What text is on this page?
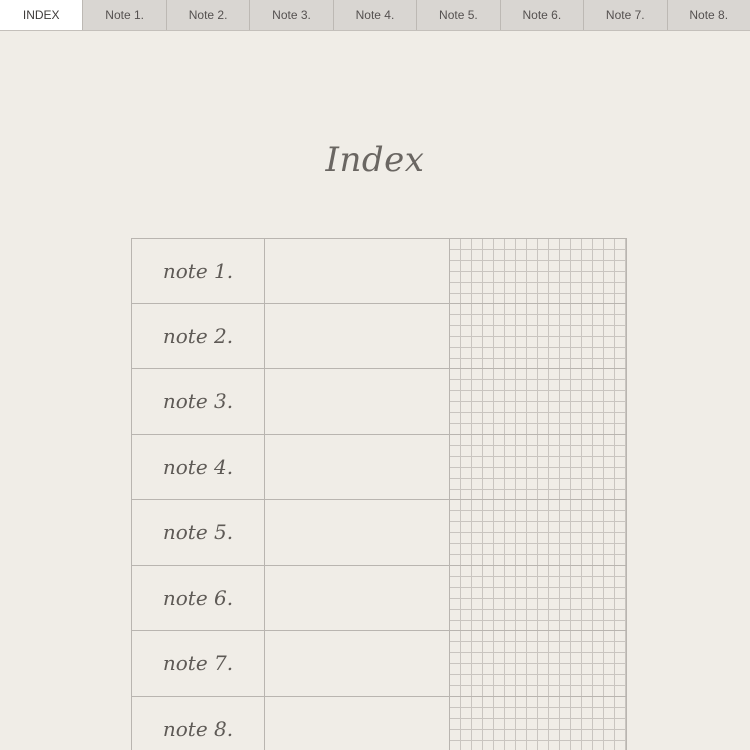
INDEX	Note 1.	Note 2.	Note 3.	Note 4.	Note 5.	Note 6.	Note 7.	Note 8.
Index
note 1.
note 2.
note 3.
note 4.
note 5.
note 6.
note 7.
note 8.
